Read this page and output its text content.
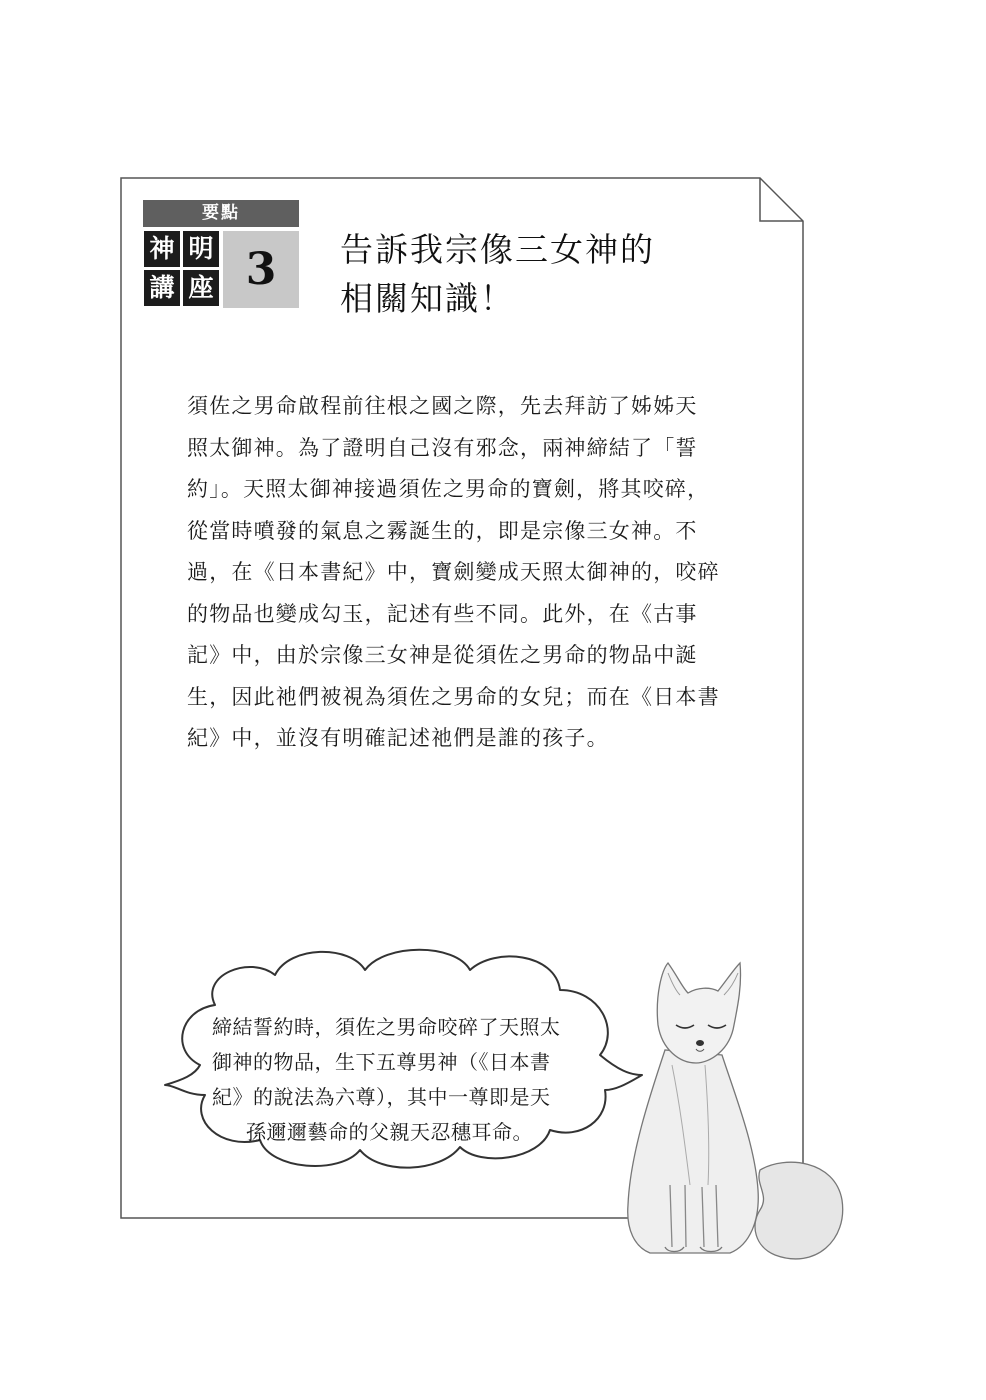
要點
神 明
講 座 3	告訴我宗像三女神的
相關知識！
須佐之男命啟程前往根之國之際，先去拜訪了姊姊天
照太御神。為了證明自己沒有邪念，兩神締結了「誓
約」。天照太御神接過須佐之男命的寶劍，將其咬碎，
從當時噴發的氣息之霧誕生的，即是宗像三女神。不
過，在《日本書紀》中，寶劍變成天照太御神的，咬碎
的物品也變成勾玉，記述有些不同。此外，在《古事
記》中，由於宗像三女神是從須佐之男命的物品中誕
生，因此祂們被視為須佐之男命的女兒；而在《日本書
紀》中，並沒有明確記述祂們是誰的孩子。
締結誓約時，須佐之男命咬碎了天照太
御神的物品，生下五尊男神（《日本書
紀》的說法為六尊），其中一尊即是天
孫邇邇藝命的父親天忍穗耳命。
